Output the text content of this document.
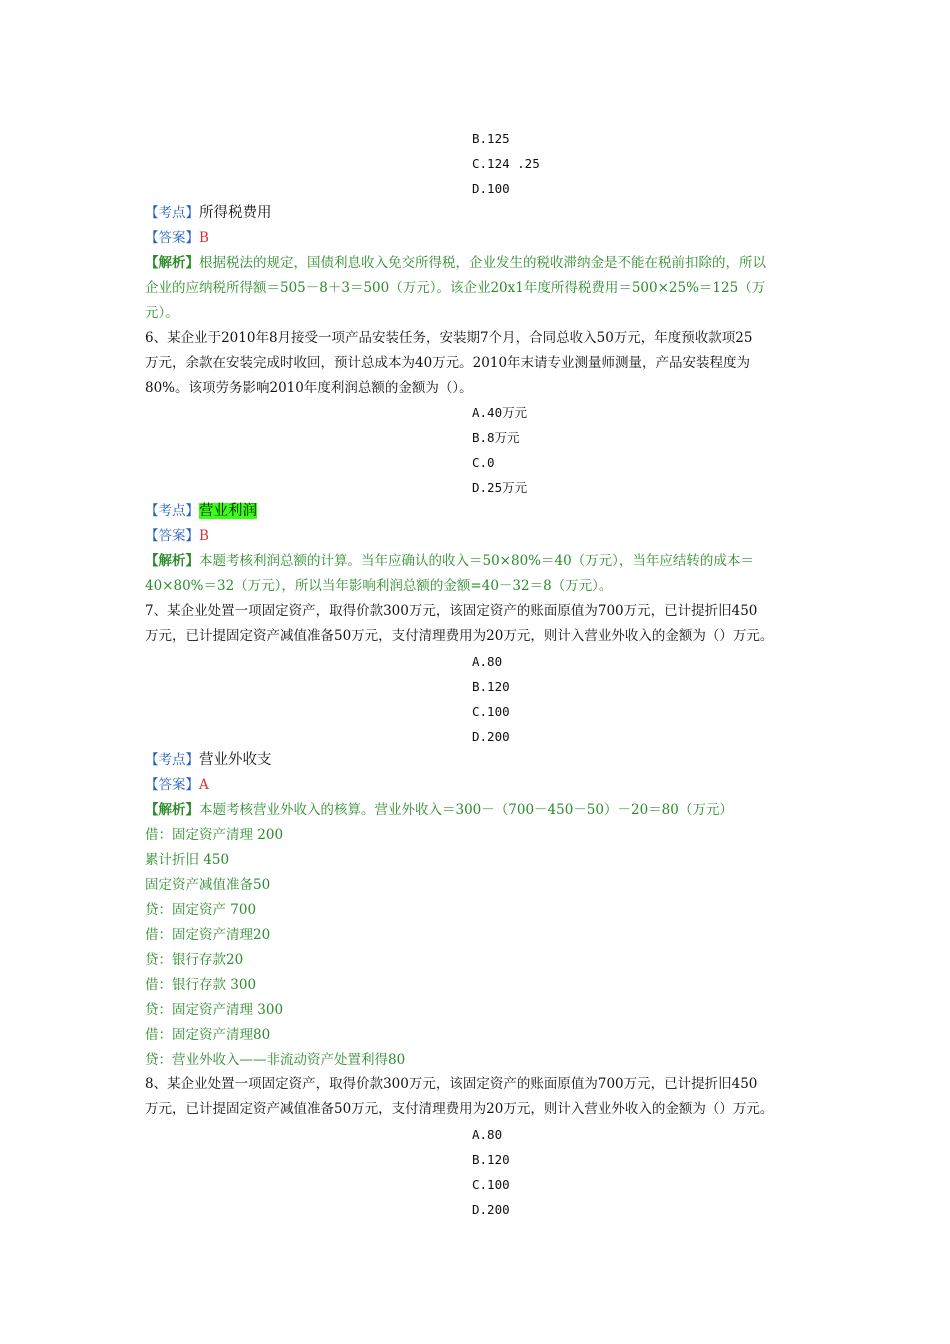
B.125
C.124 .25
D.100
【考点】所得税费用
【答案】B
【解析】根据税法的规定，国债利息收入免交所得税，企业发生的税收滞纳金是不能在税前扣除的，所以
企业的应纳税所得额＝505－8＋3＝500（万元）。该企业20x1年度所得税费用＝500×25%＝125（万
元）。
6、某企业于2010年8月接受一项产品安装任务，安装期7个月，合同总收入50万元，年度预收款项25
万元，余款在安装完成时收回，预计总成本为40万元。2010年末请专业测量师测量，产品安装程度为
80%。该项劳务影响2010年度利润总额的金额为（）。
A.40万元
B.8万元
C.0
D.25万元
【考点】营业利润
【答案】B
【解析】本题考核利润总额的计算。当年应确认的收入＝50×80%＝40（万元），当年应结转的成本＝
40×80%＝32（万元），所以当年影响利润总额的金额=40－32＝8（万元）。
7、某企业处置一项固定资产，取得价款300万元，该固定资产的账面原值为700万元，已计提折旧450
万元，已计提固定资产减值准备50万元，支付清理费用为20万元，则计入营业外收入的金额为（）万元。
A.80
B.120
C.100
D.200
【考点】营业外收支
【答案】A
【解析】本题考核营业外收入的核算。营业外收入＝300－（700－450－50）－20＝80（万元）
借：固定资产清理 200
累计折旧 450
固定资产减值准备50
贷：固定资产 700
借：固定资产清理20
贷：银行存款20
借：银行存款 300
贷：固定资产清理 300
借：固定资产清理80
贷：营业外收入——非流动资产处置利得80
8、某企业处置一项固定资产，取得价款300万元，该固定资产的账面原值为700万元，已计提折旧450
万元，已计提固定资产减值准备50万元，支付清理费用为20万元，则计入营业外收入的金额为（）万元。
A.80
B.120
C.100
D.200
